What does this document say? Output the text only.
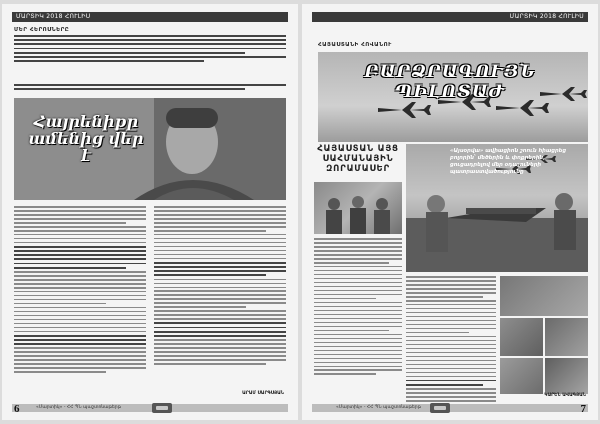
ՄԱՐՏԻԿ 2018 ՀՈՒԼԻՍ
ՄԵՐ ՀԵՐՈՍՆԵՐԸ
Հայրենիքը ամենից վեր է
ԱՐԱՄ ՍԱՐԳՍՅԱՆ
«Մարտիկ» - ՀՀ ՊՆ պաշտոնաթերթ
6
ՄԱՐՏԻԿ 2018 ՀՈՒԼԻՍ
ՀԱՅԱՍՏԱՆԻ ՀՈՎԱՆՈՒ
ԲԱՐՁՐԱԳՈՒՅՆ ՊԻԼՈՏԱԺ
ՀԱՅԱՍՏԱՆ ԱՅՑ ՍԱՀՄԱՆԱՅԻՆ ԶՈՐԱՄԱՍԵՐ
«Այսօրվա» ավիացիոն շոուն հիացրեց բոլորին՝ մեծերին և փոքրերին, ցուցադրելով մեր օդաչուների պատրաստվածությունը
ԿԱՐԵՆ ԱՎԱԳՅԱՆ
«Մարտիկ» - ՀՀ ՊՆ պաշտոնաթերթ	7
